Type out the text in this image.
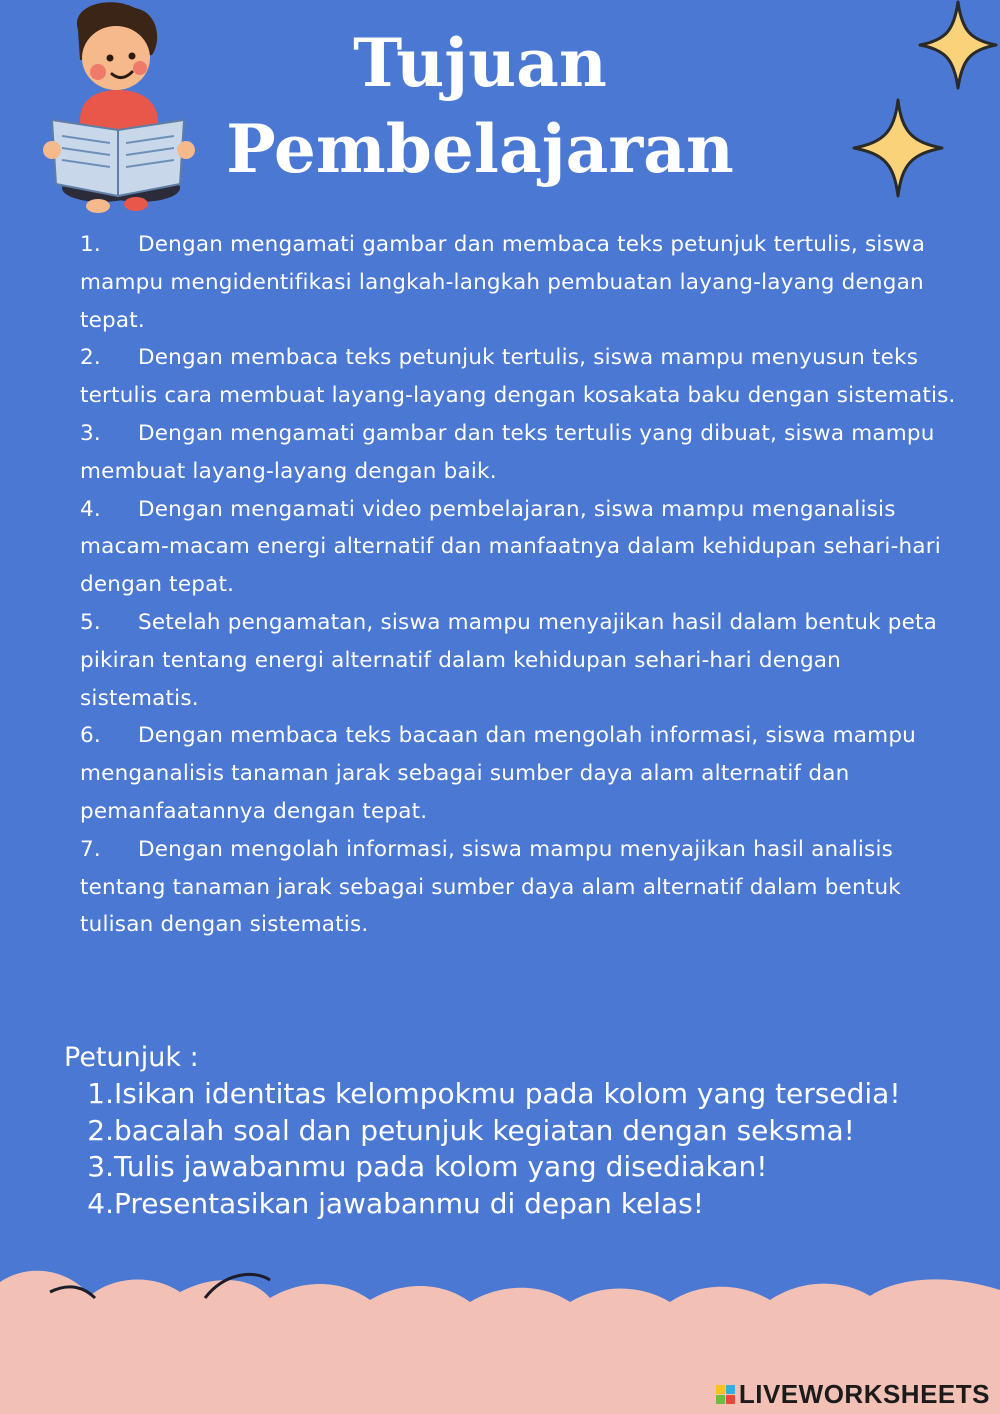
Tujuan
Pembelajaran
1. Dengan mengamati gambar dan membaca teks petunjuk tertulis, siswa mampu mengidentifikasi langkah-langkah pembuatan layang-layang dengan tepat.
2. Dengan membaca teks petunjuk tertulis, siswa mampu menyusun teks tertulis cara membuat layang-layang dengan kosakata baku dengan sistematis.
3. Dengan mengamati gambar dan teks tertulis yang dibuat, siswa mampu membuat layang-layang dengan baik.
4. Dengan mengamati video pembelajaran, siswa mampu menganalisis macam-macam energi alternatif dan manfaatnya dalam kehidupan sehari-hari dengan tepat.
5. Setelah pengamatan, siswa mampu menyajikan hasil dalam bentuk peta pikiran tentang energi alternatif dalam kehidupan sehari-hari dengan sistematis.
6. Dengan membaca teks bacaan dan mengolah informasi, siswa mampu menganalisis tanaman jarak sebagai sumber daya alam alternatif dan pemanfaatannya dengan tepat.
7. Dengan mengolah informasi, siswa mampu menyajikan hasil analisis tentang tanaman jarak sebagai sumber daya alam alternatif dalam bentuk tulisan dengan sistematis.
Petunjuk :
1. Isikan identitas kelompokmu pada kolom yang tersedia!
2. bacalah soal dan petunjuk kegiatan dengan seksma!
3. Tulis jawabanmu pada kolom yang disediakan!
4. Presentasikan jawabanmu di depan kelas!
LIVEWORKSHEETS
